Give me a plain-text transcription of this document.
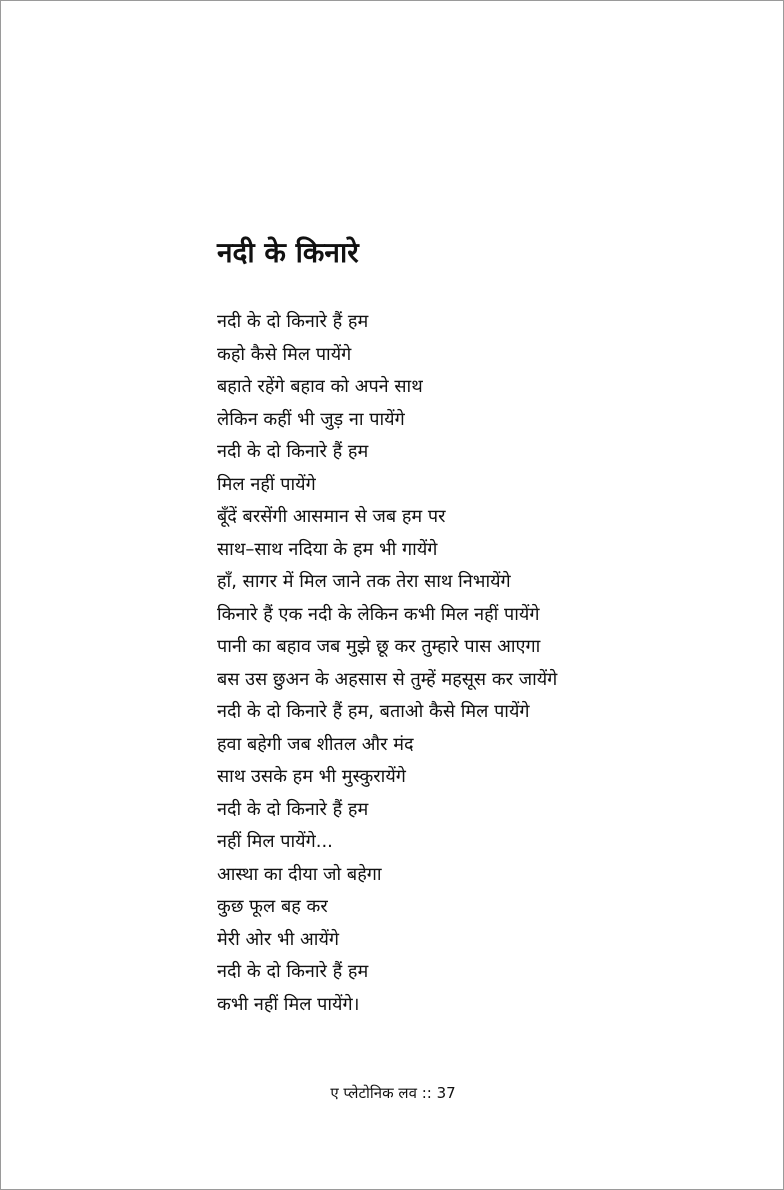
नदी के किनारे
नदी के दो किनारे हैं हम
कहो कैसे मिल पायेंगे
बहाते रहेंगे बहाव को अपने साथ
लेकिन कहीं भी जुड़ ना पायेंगे
नदी के दो किनारे हैं हम
मिल नहीं पायेंगे
बूँदें बरसेंगी आसमान से जब हम पर
साथ–साथ नदिया के हम भी गायेंगे
हाँ, सागर में मिल जाने तक तेरा साथ निभायेंगे
किनारे हैं एक नदी के लेकिन कभी मिल नहीं पायेंगे
पानी का बहाव जब मुझे छू कर तुम्हारे पास आएगा
बस उस छुअन के अहसास से तुम्हें महसूस कर जायेंगे
नदी के दो किनारे हैं हम, बताओ कैसे मिल पायेंगे
हवा बहेगी जब शीतल और मंद
साथ उसके हम भी मुस्कुरायेंगे
नदी के दो किनारे हैं हम
नहीं मिल पायेंगे...
आस्था का दीया जो बहेगा
कुछ फूल बह कर
मेरी ओर भी आयेंगे
नदी के दो किनारे हैं हम
कभी नहीं मिल पायेंगे।
ए प्लेटोनिक लव :: 37
